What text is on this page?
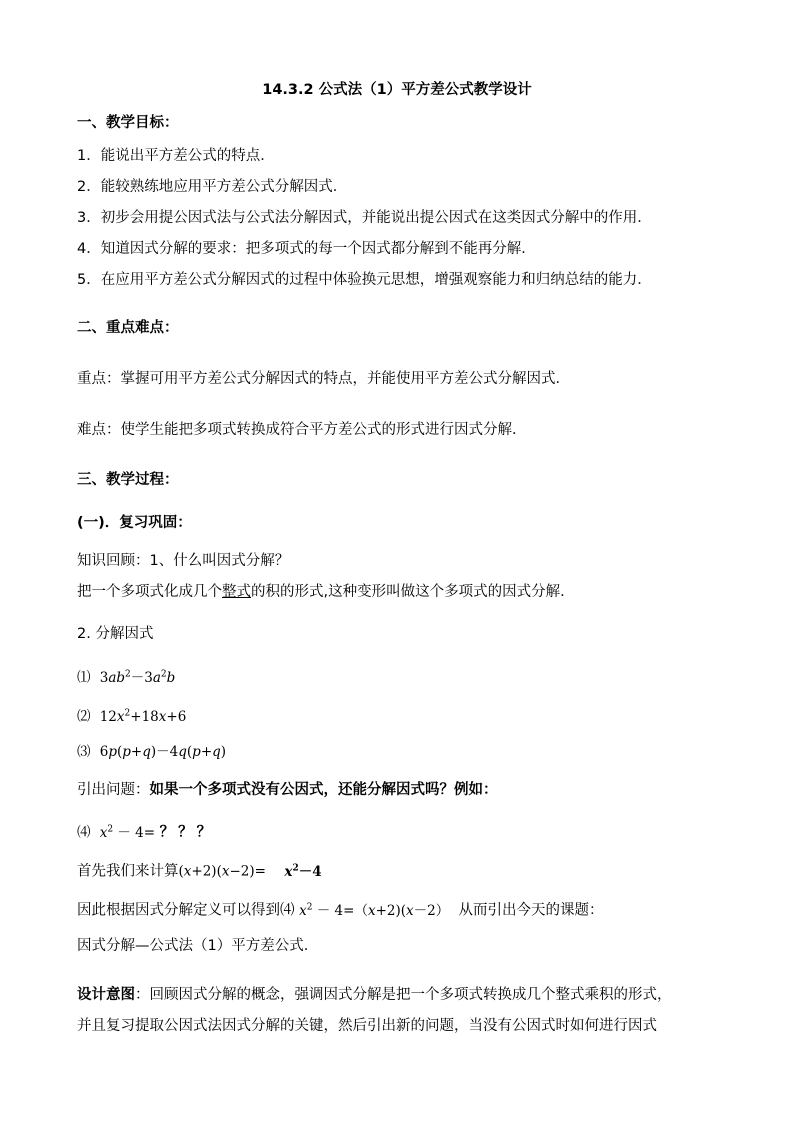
14.3.2 公式法（1）平方差公式教学设计
一、教学目标：
1．能说出平方差公式的特点．
2．能较熟练地应用平方差公式分解因式．
3．初步会用提公因式法与公式法分解因式，并能说出提公因式在这类因式分解中的作用．
4．知道因式分解的要求：把多项式的每一个因式都分解到不能再分解．
5．在应用平方差公式分解因式的过程中体验换元思想，增强观察能力和归纳总结的能力．
二、重点难点：
重点：掌握可用平方差公式分解因式的特点，并能使用平方差公式分解因式．
难点：使学生能把多项式转换成符合平方差公式的形式进行因式分解．
三、教学过程：
(一)．复习巩固：
知识回顾：1、什么叫因式分解？
把一个多项式化成几个整式的积的形式,这种变形叫做这个多项式的因式分解.
2. 分解因式
⑴ $3ab^2-3a^2b$
⑵ $12x^2+18x+6$
⑶ 6p(p+q)－4q(p+q)
引出问题：如果一个多项式没有公因式，还能分解因式吗？例如：
⑷ $x^2 - 4=$ ？？？
首先我们来计算$(x+2)(x-2)= x^2-4$
因此根据因式分解定义可以得到⑷ $x^2 - 4=(x+2)(x-2)$ 从而引出今天的课题：
因式分解—公式法（1）平方差公式.
设计意图：回顾因式分解的概念，强调因式分解是把一个多项式转换成几个整式乘积的形式，
并且复习提取公因式法因式分解的关键，然后引出新的问题，当没有公因式时如何进行因式
